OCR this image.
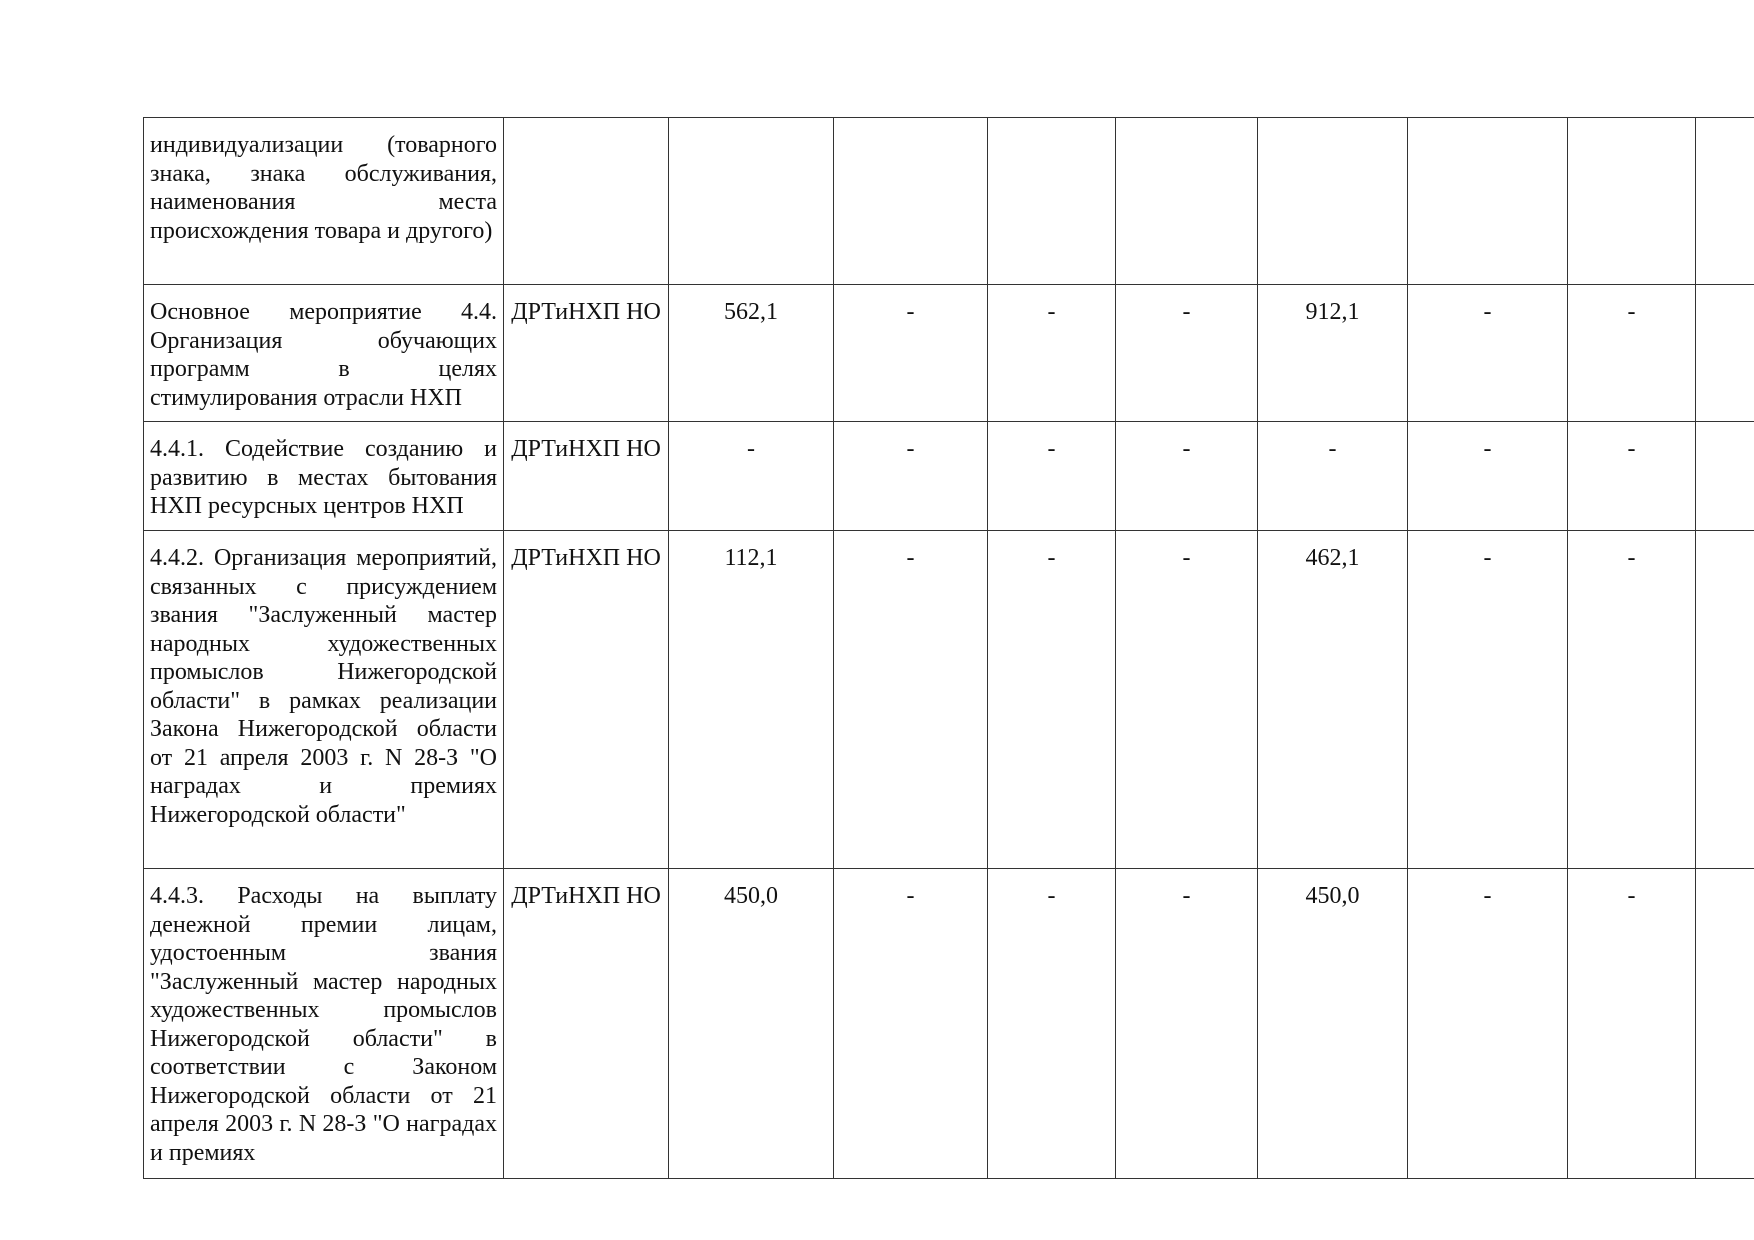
индивидуализации (товарного знака, знака обслуживания, наименования места происхождения товара и другого)									
Основное мероприятие 4.4. Организация обучающих программ в целях стимулирования отрасли НХП	ДРТиНХП НО	562,1	-	-	-	912,1	-	-	
4.4.1. Содействие созданию и развитию в местах бытования НХП ресурсных центров НХП	ДРТиНХП НО	-	-	-	-	-	-	-	
4.4.2. Организация мероприятий, связанных с присуждением звания "Заслуженный мастер народных художественных промыслов Нижегородской области" в рамках реализации Закона Нижегородской области от 21 апреля 2003 г. N 28-З "О наградах и премиях Нижегородской области"	ДРТиНХП НО	112,1	-	-	-	462,1	-	-	
4.4.3. Расходы на выплату денежной премии лицам, удостоенным звания "Заслуженный мастер народных художественных промыслов Нижегородской области" в соответствии с Законом Нижегородской области от 21 апреля 2003 г. N 28-З "О наградах и премиях	ДРТиНХП НО	450,0	-	-	-	450,0	-	-	
